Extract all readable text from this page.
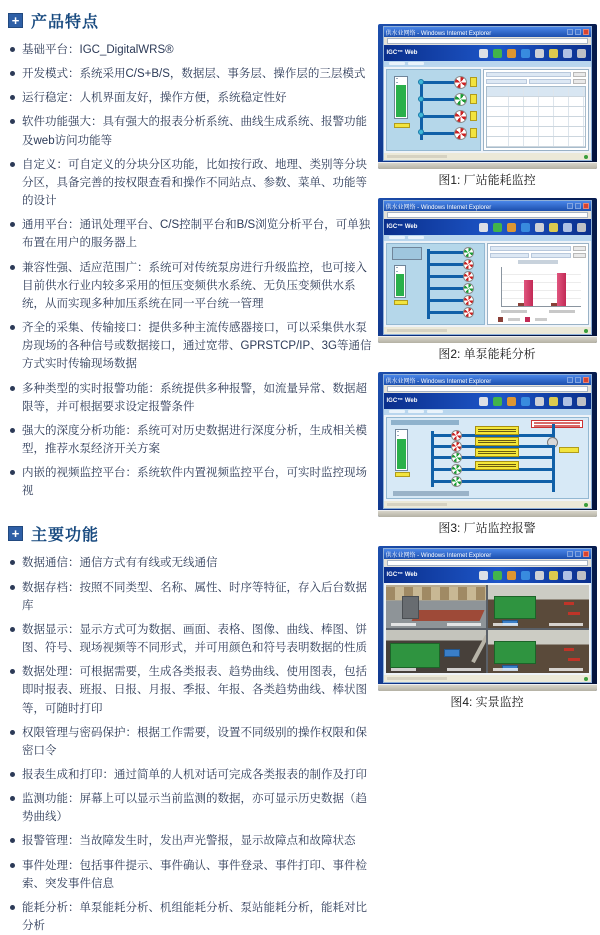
+ 产品特点
基础平台：IGC_DigitalWRS®
开发模式：系统采用C/S+B/S，数据层、事务层、操作层的三层模式
运行稳定：人机界面友好，操作方便，系统稳定性好
软件功能强大：具有强大的报表分析系统、曲线生成系统、报警功能及web访问功能等
自定义：可自定义的分块分区功能，比如按行政、地理、类别等分块分区，具备完善的按权限查看和操作不同站点、参数、菜单、功能等的设计
通用平台：通讯处理平台、C/S控制平台和B/S浏览分析平台，可单独布置在用户的服务器上
兼容性强、适应范围广：系统可对传统泵房进行升级监控，也可接入目前供水行业内较多采用的恒压变频供水系统、无负压变频供水系统，从而实现多种加压系统在同一平台统一管理
齐全的采集、传输接口：提供多种主流传感器接口，可以采集供水泵房现场的各种信号或数据接口，通过宽带、GPRSTCP/IP、3G等通信方式实时传输现场数据
多种类型的实时报警功能：系统提供多种报警，如流量异常、数据超限等，并可根据要求设定报警条件
强大的深度分析功能：系统可对历史数据进行深度分析，生成相关模型，推荐水泵经济开关方案
内嵌的视频监控平台：系统软件内置视频监控平台，可实时监控现场视
+ 主要功能
数据通信：通信方式有有线或无线通信
数据存档：按照不同类型、名称、属性、时序等特征，存入后台数据库
数据显示：显示方式可为数据、画面、表格、图像、曲线、棒图、饼图、符号、现场视频等不同形式，并可用颜色和符号表明数据的性质
数据处理：可根据需要，生成各类报表、趋势曲线、使用图表，包括即时报表、班报、日报、月报、季报、年报、各类趋势曲线、棒状图等，可随时打印
权限管理与密码保护：根据工作需要，设置不同级别的操作权限和保密口令
报表生成和打印：通过简单的人机对话可完成各类报表的制作及打印
监测功能：屏幕上可以显示当前监测的数据，亦可显示历史数据（趋势曲线）
报警管理：当故障发生时，发出声光警报，显示故障点和故障状态
事件处理：包括事件提示、事件确认、事件登录、事件打印、事件检索、突发事件信息
能耗分析：单泵能耗分析、机组能耗分析、泵站能耗分析，能耗对比分析
供水业网络 - Windows Internet Explorer
IGC™ Web
图1: 厂站能耗监控
供水业网络 - Windows Internet Explorer
IGC™ Web
图2: 单泵能耗分析
供水业网络 - Windows Internet Explorer
IGC™ Web
图3: 厂站监控报警
供水业网络 - Windows Internet Explorer
IGC™ Web
图4: 实景监控
